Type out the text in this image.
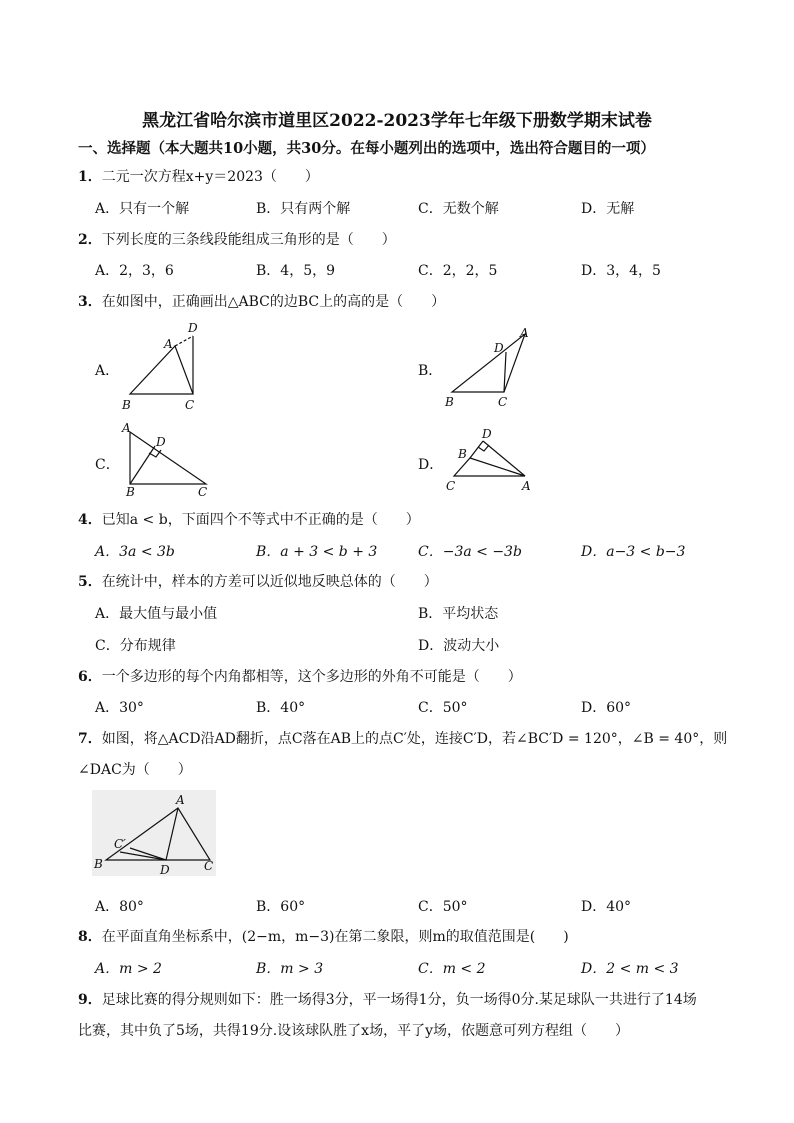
黑龙江省哈尔滨市道里区2022-2023学年七年级下册数学期末试卷
一、选择题（本大题共10小题，共30分。在每小题列出的选项中，选出符合题目的一项）
1．二元一次方程x+y＝2023（　　）
A．只有一个解	B．只有两个解	C．无数个解	D．无解
2．下列长度的三条线段能组成三角形的是（　　）
A．2，3，6	B．4，5，9	C．2，2，5	D．3，4，5
3．在如图中，正确画出△ABC的边BC上的高的是（　　）
A．	B．
C．	D．
D
A
B	C
A
D
B	C
A
D
B	C
D
B
C	A
4．已知a < b，下面四个不等式中不正确的是（　　）
A．3a < 3b	B．a + 3 < b + 3	C．−3a < −3b	D．a−3 < b−3
5．在统计中，样本的方差可以近似地反映总体的（　　）
A．最大值与最小值	B．平均状态
C．分布规律	D．波动大小
6．一个多边形的每个内角都相等，这个多边形的外角不可能是（　　）
A．30°	B．40°	C．50°	D．60°
7．如图，将△ACD沿AD翻折，点C落在AB上的点C′处，连接C′D，若∠BC′D = 120°，∠B = 40°，则
∠DAC为（　　）
A
C′
B	D	C
A．80°	B．60°	C．50°	D．40°
8．在平面直角坐标系中，(2−m，m−3)在第二象限，则m的取值范围是(　　)
A．m > 2	B．m > 3	C．m < 2	D．2 < m < 3
9．足球比赛的得分规则如下：胜一场得3分，平一场得1分，负一场得0分.某足球队一共进行了14场
比赛，其中负了5场，共得19分.设该球队胜了x场，平了y场，依题意可列方程组（　　）
